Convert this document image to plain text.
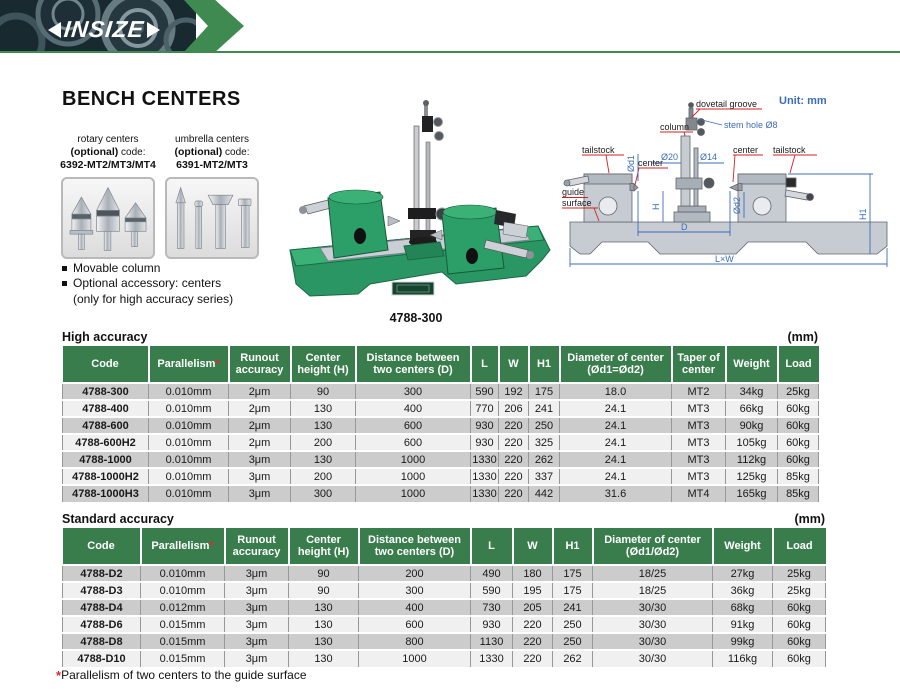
INSIZE
BENCH CENTERS	Unit: mm
rotary centers
(optional) code:
6392-MT2/MT3/MT4
umbrella centers
(optional) code:
6391-MT2/MT3
Movable column
Optional accessory: centers
(only for high accuracy series)
4788-300
dovetail groove
column
tailstock
center
center tailstock
guide
surface
stem hole Ø8
Ø20 Ø14
Ød1
Ød2
H
D
H1
L×W
High accuracy	(mm)
Code	Parallelism*	Runout accuracy	Center height (H)	Distance between two centers (D)	L	W	H1	Diameter of center (Ød1=Ød2)	Taper of center	Weight	Load
4788-300	0.010mm	2μm	90	300	590	192	175	18.0	MT2	34kg	25kg
4788-400	0.010mm	2μm	130	400	770	206	241	24.1	MT3	66kg	60kg
4788-600	0.010mm	2μm	130	600	930	220	250	24.1	MT3	90kg	60kg
4788-600H2	0.010mm	2μm	200	600	930	220	325	24.1	MT3	105kg	60kg
4788-1000	0.010mm	3μm	130	1000	1330	220	262	24.1	MT3	112kg	60kg
4788-1000H2	0.010mm	3μm	200	1000	1330	220	337	24.1	MT3	125kg	85kg
4788-1000H3	0.010mm	3μm	300	1000	1330	220	442	31.6	MT4	165kg	85kg
Standard accuracy	(mm)
Code	Parallelism*	Runout accuracy	Center height (H)	Distance between two centers (D)	L	W	H1	Diameter of center (Ød1/Ød2)	Weight	Load
4788-D2	0.010mm	3μm	90	200	490	180	175	18/25	27kg	25kg
4788-D3	0.010mm	3μm	90	300	590	195	175	18/25	36kg	25kg
4788-D4	0.012mm	3μm	130	400	730	205	241	30/30	68kg	60kg
4788-D6	0.015mm	3μm	130	600	930	220	250	30/30	91kg	60kg
4788-D8	0.015mm	3μm	130	800	1130	220	250	30/30	99kg	60kg
4788-D10	0.015mm	3μm	130	1000	1330	220	262	30/30	116kg	60kg
*Parallelism of two centers to the guide surface
